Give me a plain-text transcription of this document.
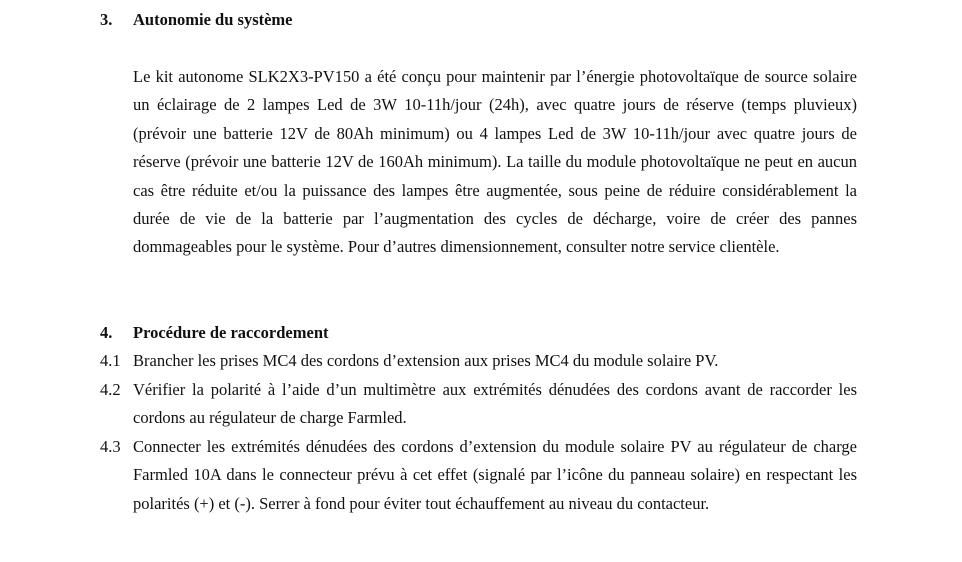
3. Autonomie du système

Le kit autonome SLK2X3-PV150 a été conçu pour maintenir par l’énergie photovoltaïque de source solaire un éclairage de 2 lampes Led de 3W 10-11h/jour (24h), avec quatre jours de réserve (temps pluvieux) (prévoir une batterie 12V de 80Ah minimum) ou 4 lampes Led de 3W 10-11h/jour avec quatre jours de réserve (prévoir une batterie 12V de 160Ah minimum). La taille du module photovoltaïque ne peut en aucun cas être réduite et/ou la puissance des lampes être augmentée, sous peine de réduire considérablement la durée de vie de la batterie par l’augmentation des cycles de décharge, voire de créer des pannes dommageables pour le système. Pour d’autres dimensionnement, consulter notre service clientèle.

4. Procédure de raccordement
4.1 Brancher les prises MC4 des cordons d’extension aux prises MC4 du module solaire PV.
4.2 Vérifier la polarité à l’aide d’un multimètre aux extrémités dénudées des cordons avant de raccorder les cordons au régulateur de charge Farmled.
4.3 Connecter les extrémités dénudées des cordons d’extension du module solaire PV au régulateur de charge Farmled 10A dans le connecteur prévu à cet effet (signalé par l’icône du panneau solaire) en respectant les polarités (+) et (-). Serrer à fond pour éviter tout échauffement au niveau du contacteur.
